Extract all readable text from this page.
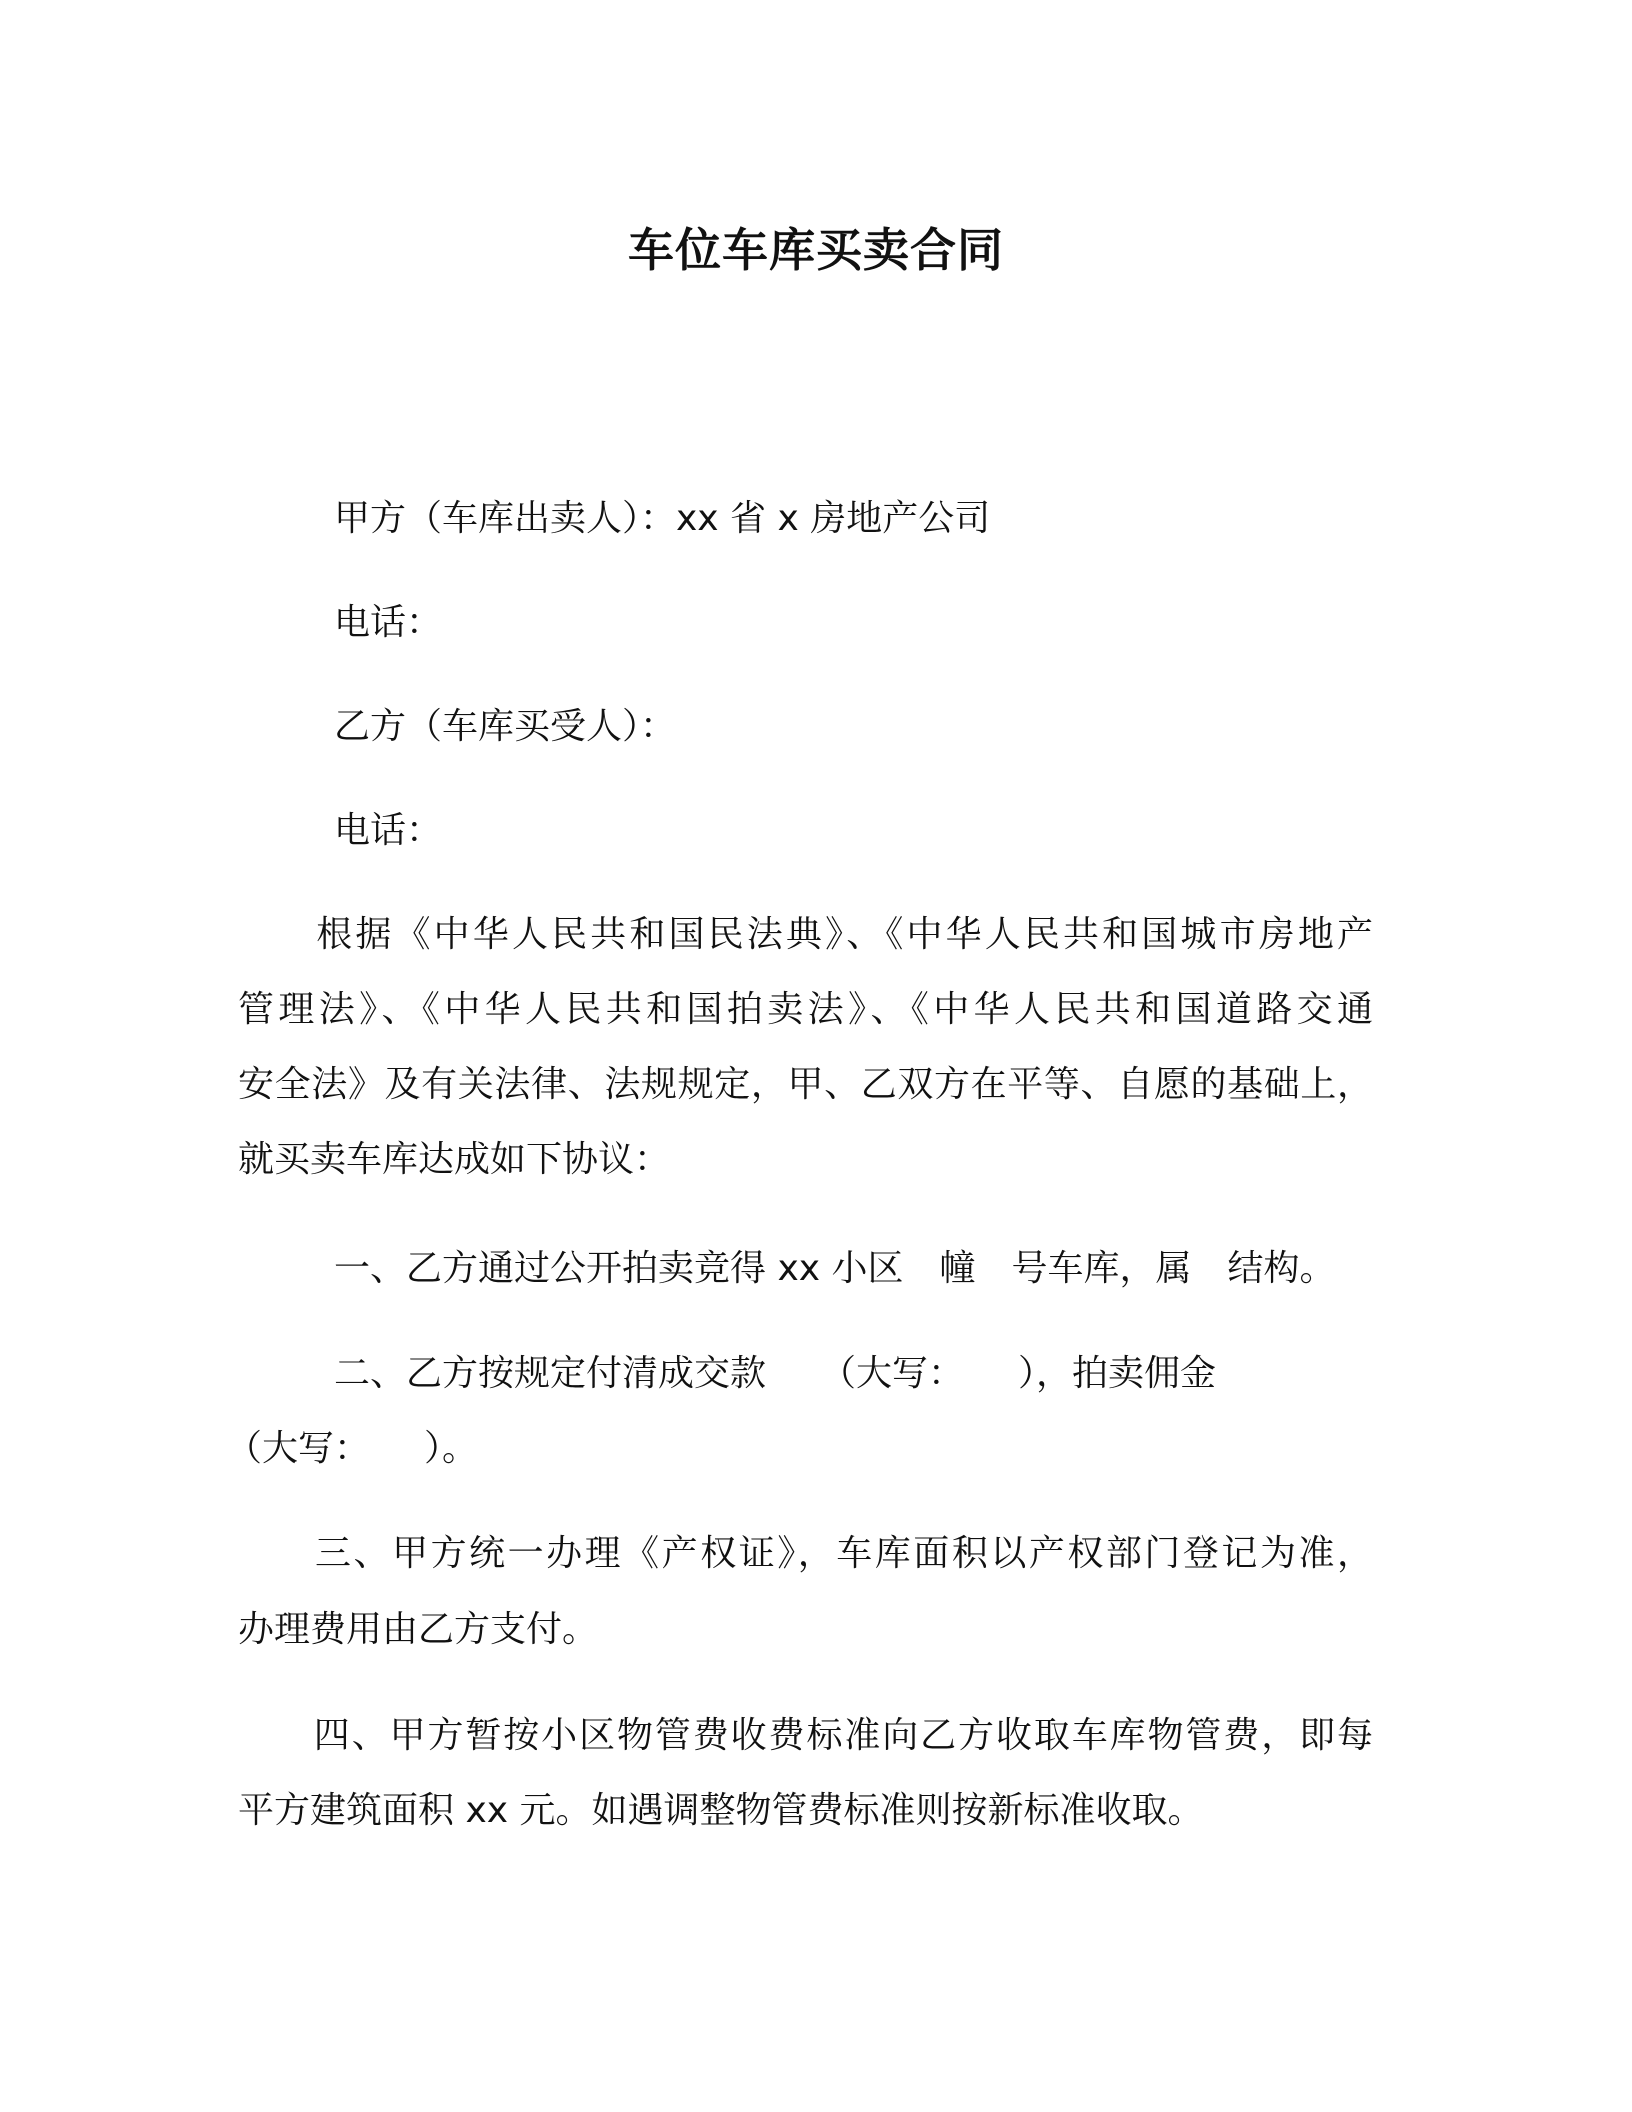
车位车库买卖合同
甲方（车库出卖人）：xx 省 x 房地产公司
电话：
乙方（车库买受人）：
电话：
　　根据《中华人民共和国民法典》、《中华人民共和国城市房地产
管理法》、《中华人民共和国拍卖法》、《中华人民共和国道路交通
安全法》及有关法律、法规规定，甲、乙双方在平等、自愿的基础上，
就买卖车库达成如下协议：
一、乙方通过公开拍卖竞得 xx 小区　幢　号车库，属　结构。
二、乙方按规定付清成交款　　（大写：　　），拍卖佣金
（大写：　　）。
　　三、甲方统一办理《产权证》，车库面积以产权部门登记为准，
办理费用由乙方支付。
　　四、甲方暂按小区物管费收费标准向乙方收取车库物管费，即每
平方建筑面积 xx 元。如遇调整物管费标准则按新标准收取。
